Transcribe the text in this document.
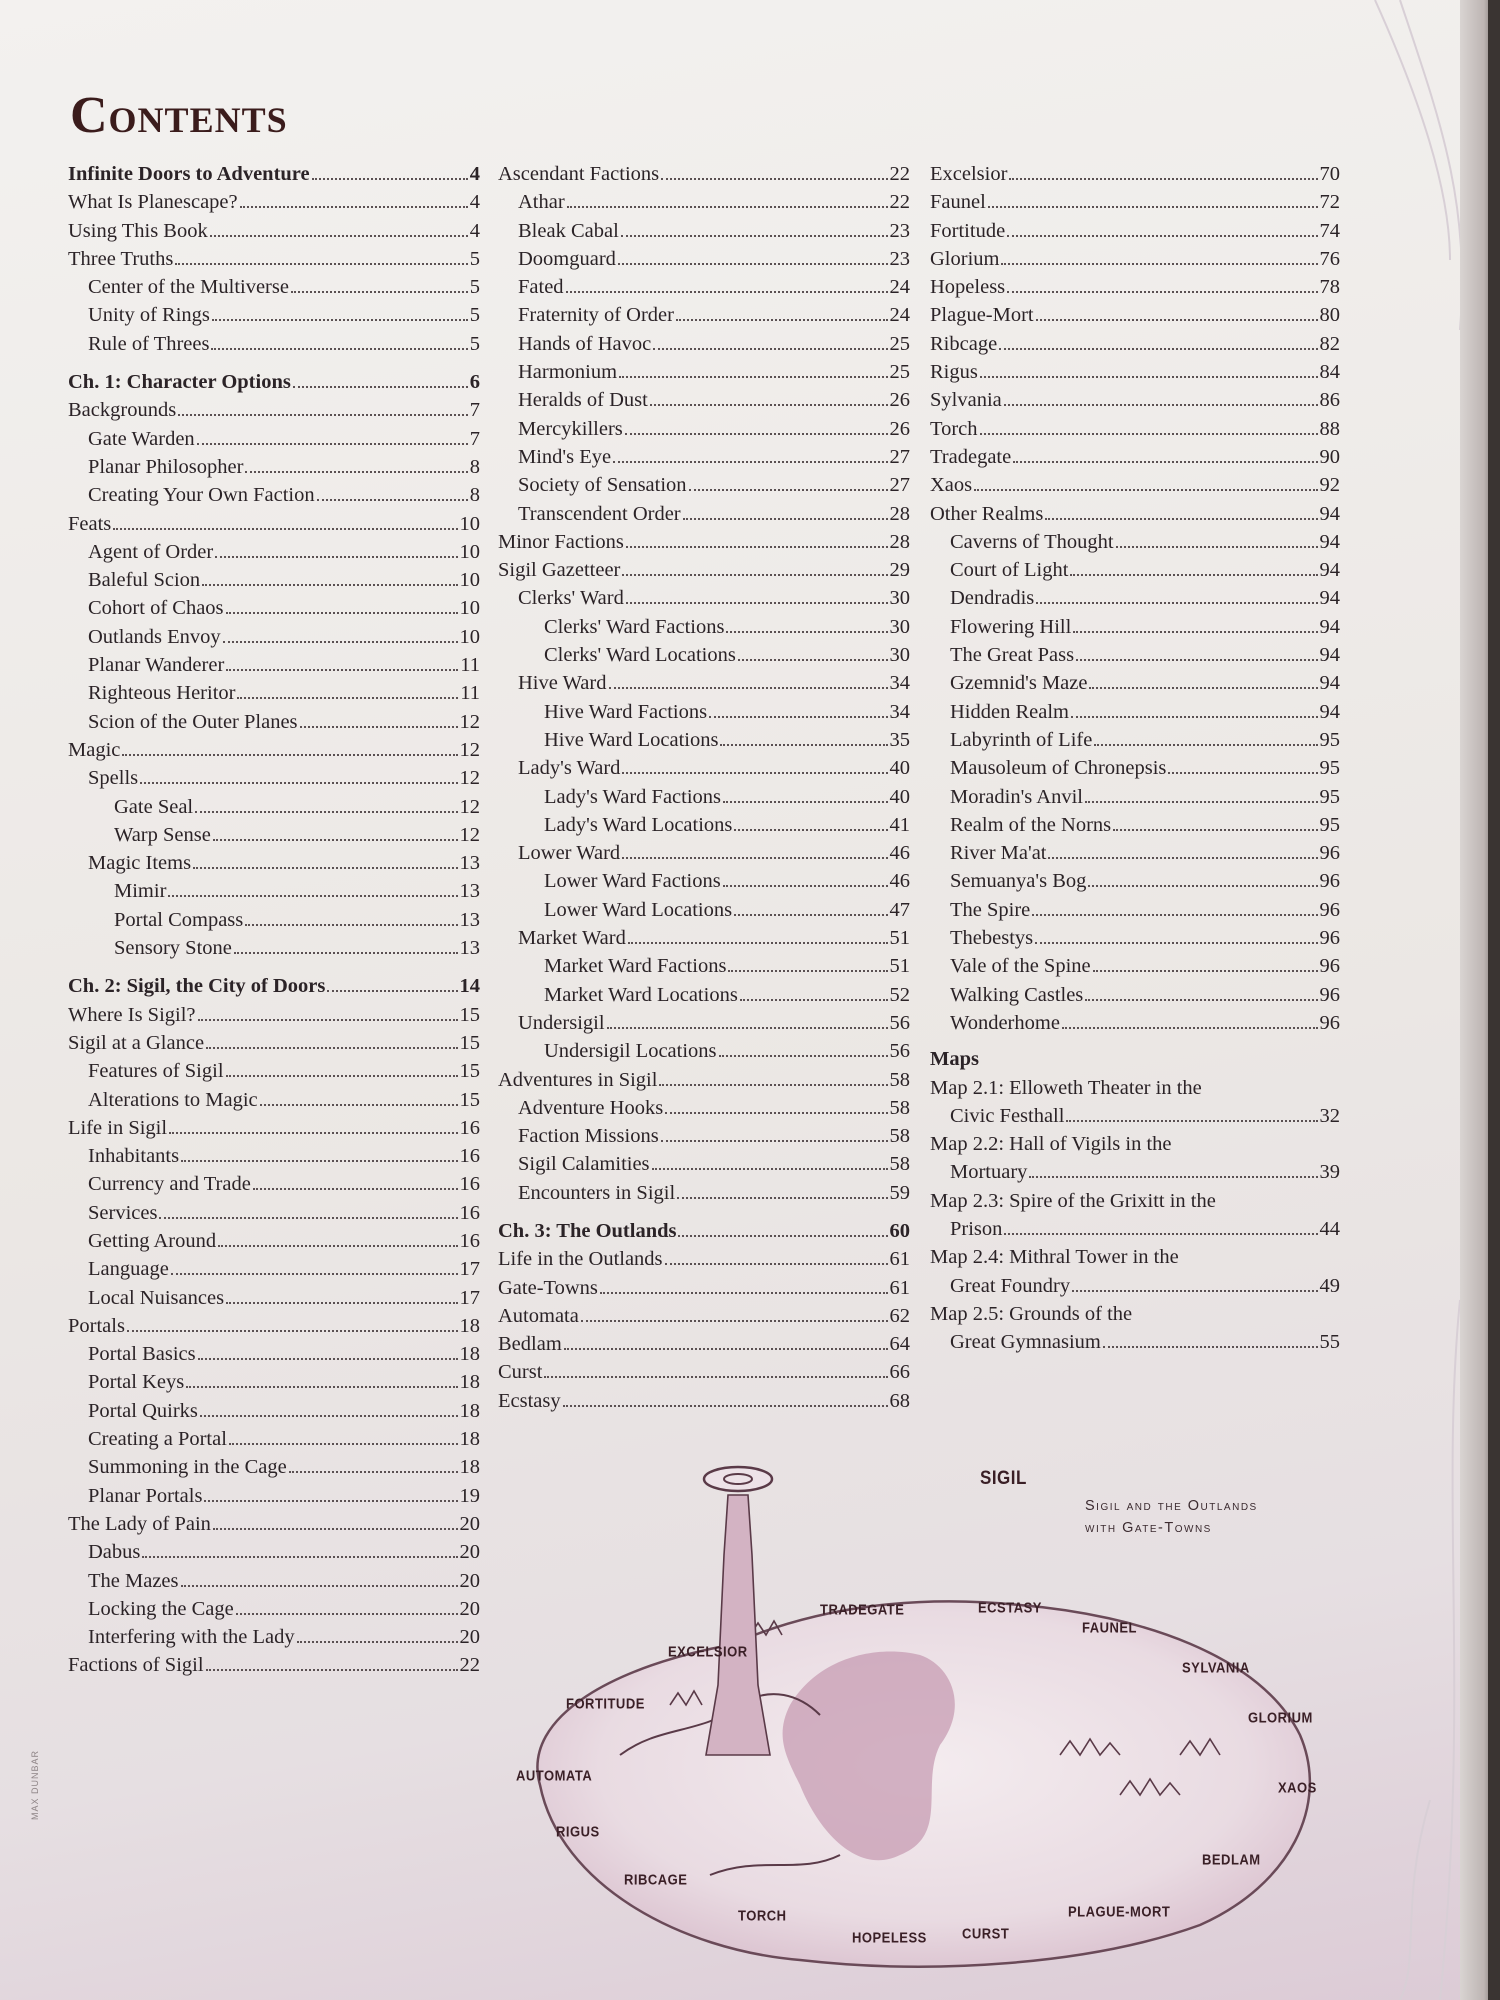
Contents
Infinite Doors to Adventure	4
What Is Planescape?	4
Using This Book	4
Three Truths	5
Center of the Multiverse	5
Unity of Rings	5
Rule of Threes	5
Ch. 1: Character Options	6
Backgrounds	7
Gate Warden	7
Planar Philosopher	8
Creating Your Own Faction	8
Feats	10
Agent of Order	10
Baleful Scion	10
Cohort of Chaos	10
Outlands Envoy	10
Planar Wanderer	11
Righteous Heritor	11
Scion of the Outer Planes	12
Magic	12
Spells	12
Gate Seal	12
Warp Sense	12
Magic Items	13
Mimir	13
Portal Compass	13
Sensory Stone	13
Ch. 2: Sigil, the City of Doors	14
Where Is Sigil?	15
Sigil at a Glance	15
Features of Sigil	15
Alterations to Magic	15
Life in Sigil	16
Inhabitants	16
Currency and Trade	16
Services	16
Getting Around	16
Language	17
Local Nuisances	17
Portals	18
Portal Basics	18
Portal Keys	18
Portal Quirks	18
Creating a Portal	18
Summoning in the Cage	18
Planar Portals	19
The Lady of Pain	20
Dabus	20
The Mazes	20
Locking the Cage	20
Interfering with the Lady	20
Factions of Sigil	22
Ascendant Factions	22
Athar	22
Bleak Cabal	23
Doomguard	23
Fated	24
Fraternity of Order	24
Hands of Havoc	25
Harmonium	25
Heralds of Dust	26
Mercykillers	26
Mind's Eye	27
Society of Sensation	27
Transcendent Order	28
Minor Factions	28
Sigil Gazetteer	29
Clerks' Ward	30
Clerks' Ward Factions	30
Clerks' Ward Locations	30
Hive Ward	34
Hive Ward Factions	34
Hive Ward Locations	35
Lady's Ward	40
Lady's Ward Factions	40
Lady's Ward Locations	41
Lower Ward	46
Lower Ward Factions	46
Lower Ward Locations	47
Market Ward	51
Market Ward Factions	51
Market Ward Locations	52
Undersigil	56
Undersigil Locations	56
Adventures in Sigil	58
Adventure Hooks	58
Faction Missions	58
Sigil Calamities	58
Encounters in Sigil	59
Ch. 3: The Outlands	60
Life in the Outlands	61
Gate-Towns	61
Automata	62
Bedlam	64
Curst	66
Ecstasy	68
Excelsior	70
Faunel	72
Fortitude	74
Glorium	76
Hopeless	78
Plague-Mort	80
Ribcage	82
Rigus	84
Sylvania	86
Torch	88
Tradegate	90
Xaos	92
Other Realms	94
Caverns of Thought	94
Court of Light	94
Dendradis	94
Flowering Hill	94
The Great Pass	94
Gzemnid's Maze	94
Hidden Realm	94
Labyrinth of Life	95
Mausoleum of Chronepsis	95
Moradin's Anvil	95
Realm of the Norns	95
River Ma'at	96
Semuanya's Bog	96
The Spire	96
Thebestys	96
Vale of the Spine	96
Walking Castles	96
Wonderhome	96
Maps
Map 2.1: Elloweth Theater in the
Civic Festhall	32
Map 2.2: Hall of Vigils in the
Mortuary	39
Map 2.3: Spire of the Grixitt in the
Prison	44
Map 2.4: Mithral Tower in the
Great Foundry	49
Map 2.5: Grounds of the
Great Gymnasium	55
SIGIL
Sigil and the Outlands
with Gate-Towns
TRADEGATE	ECSTASY
FAUNEL
SYLVANIA
GLORIUM
XAOS
BEDLAM
PLAGUE-MORT
CURST
HOPELESS
TORCH
RIBCAGE
RIGUS
AUTOMATA
FORTITUDE
EXCELSIOR
MAX DUNBAR
